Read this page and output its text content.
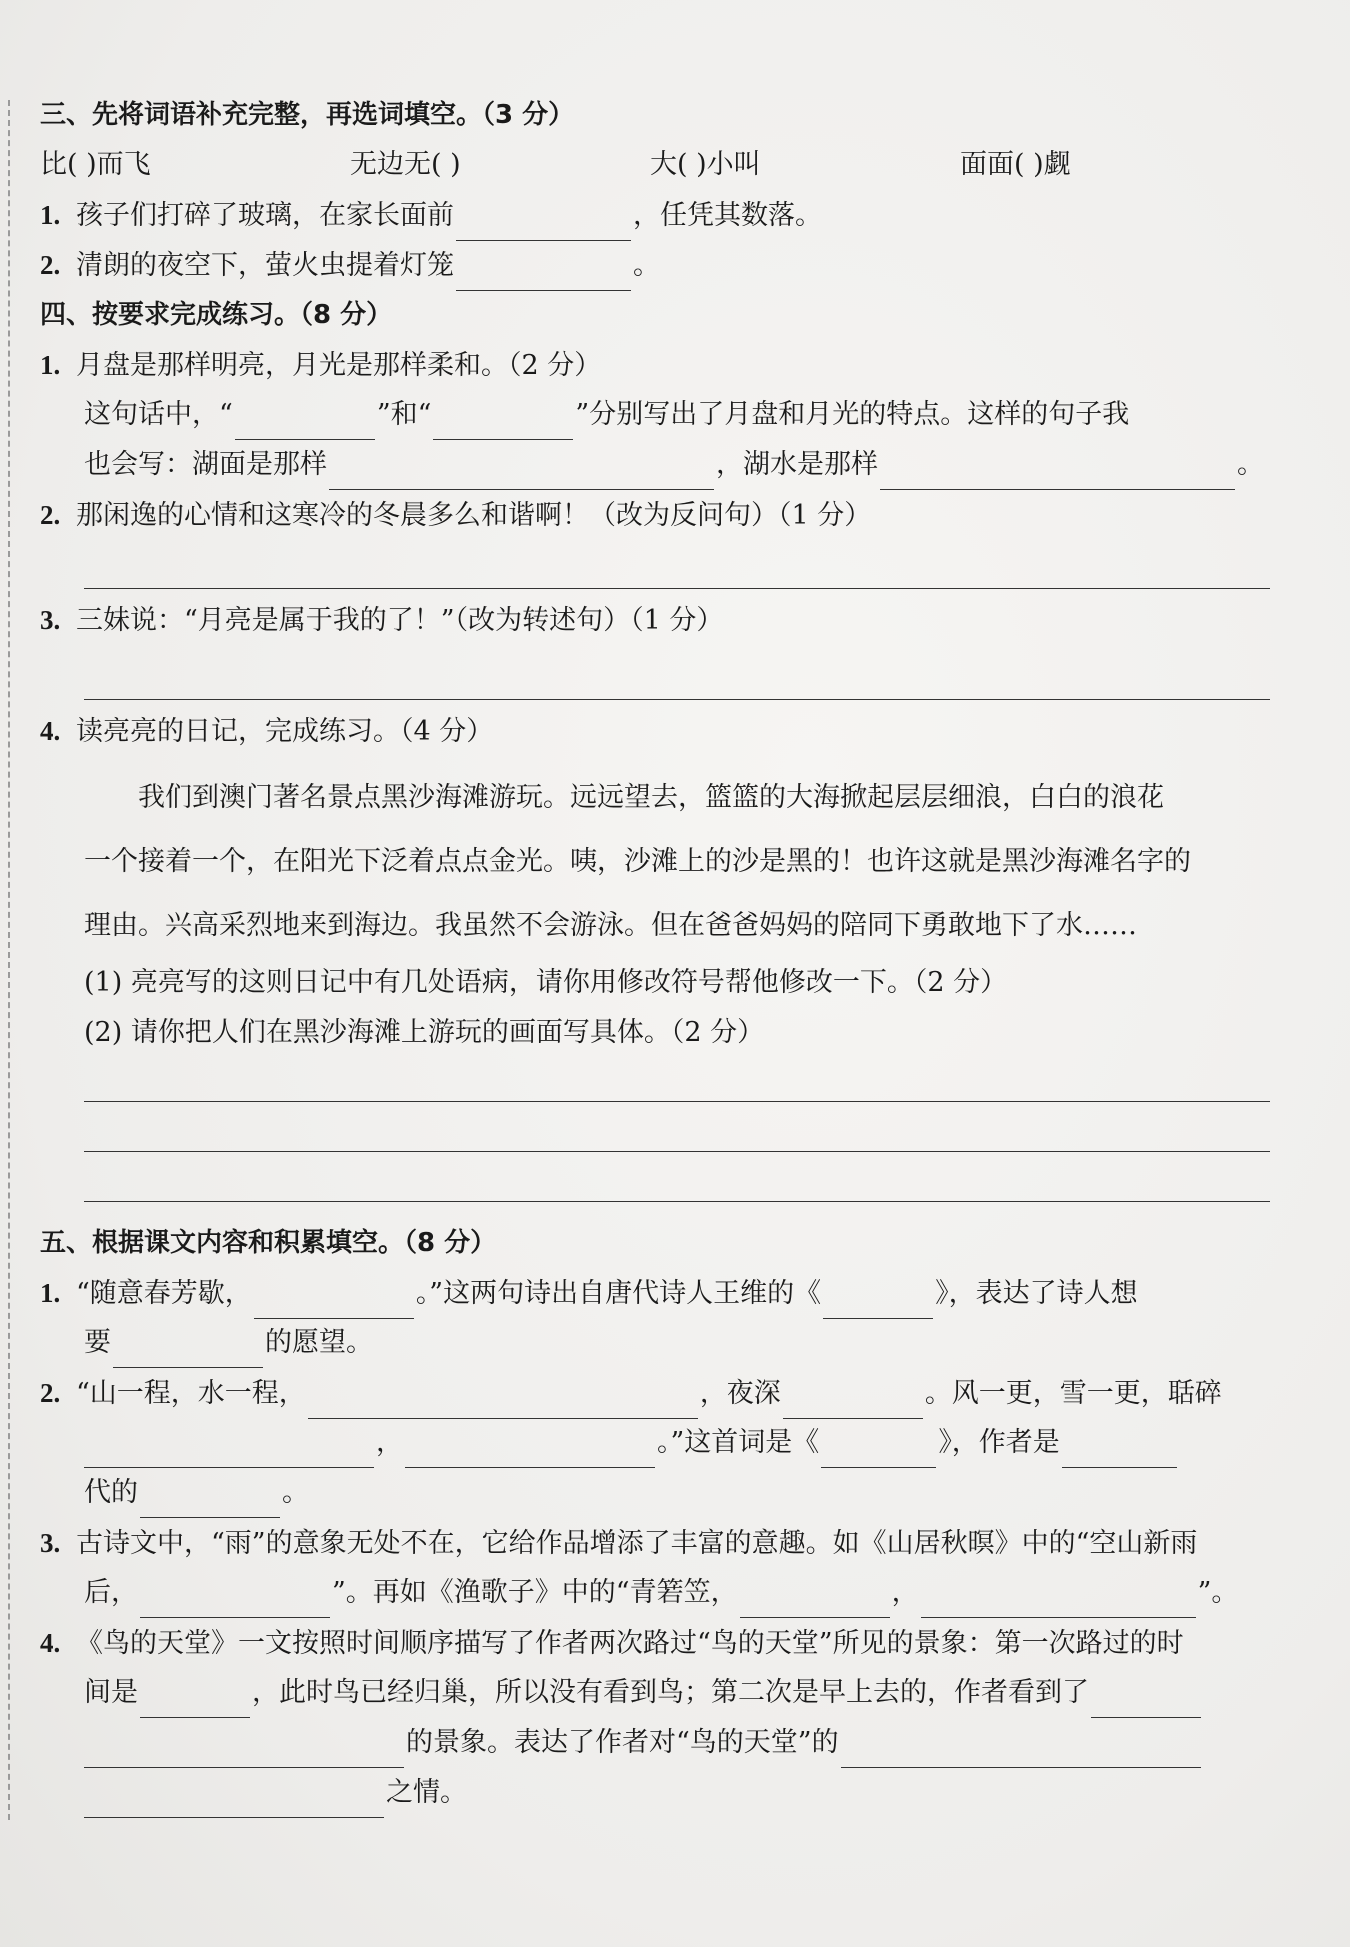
三、先将词语补充完整，再选词填空。（3 分）
比( )而飞	无边无( )	大( )小叫	面面( )觑
1. 孩子们打碎了玻璃，在家长面前	，任凭其数落。
2. 清朗的夜空下，萤火虫提着灯笼	。
四、按要求完成练习。（8 分）
1. 月盘是那样明亮，月光是那样柔和。（2 分）
这句话中，“	”和“	”分别写出了月盘和月光的特点。这样的句子我
也会写：湖面是那样	，湖水是那样	。
2. 那闲逸的心情和这寒冷的冬晨多么和谐啊！（改为反问句）（1 分）
3. 三妹说：“月亮是属于我的了！”（改为转述句）（1 分）
4. 读亮亮的日记，完成练习。（4 分）

我们到澳门著名景点黑沙海滩游玩。远远望去，篮篮的大海掀起层层细浪，白白的浪花

一个接着一个，在阳光下泛着点点金光。咦，沙滩上的沙是黑的！也许这就是黑沙海滩名字的
理由。兴高采烈地来到海边。我虽然不会游泳。但在爸爸妈妈的陪同下勇敢地下了水……
(1) 亮亮写的这则日记中有几处语病，请你用修改符号帮他修改一下。（2 分）
(2) 请你把人们在黑沙海滩上游玩的画面写具体。（2 分）
五、根据课文内容和积累填空。（8 分）
1. “随意春芳歇，	。”这两句诗出自唐代诗人王维的《	》，表达了诗人想
要	的愿望。
2. “山一程，水一程，	，夜深	。风一更，雪一更，聒碎
，	。”这首词是《	》，作者是
代的	。
3. 古诗文中，“雨”的意象无处不在，它给作品增添了丰富的意趣。如《山居秋暝》中的“空山新雨
后，	”。再如《渔歌子》中的“青箬笠，	，	”。
4. 《鸟的天堂》一文按照时间顺序描写了作者两次路过“鸟的天堂”所见的景象：第一次路过的时
间是	，此时鸟已经归巢，所以没有看到鸟；第二次是早上去的，作者看到了
的景象。表达了作者对“鸟的天堂”的
之情。
